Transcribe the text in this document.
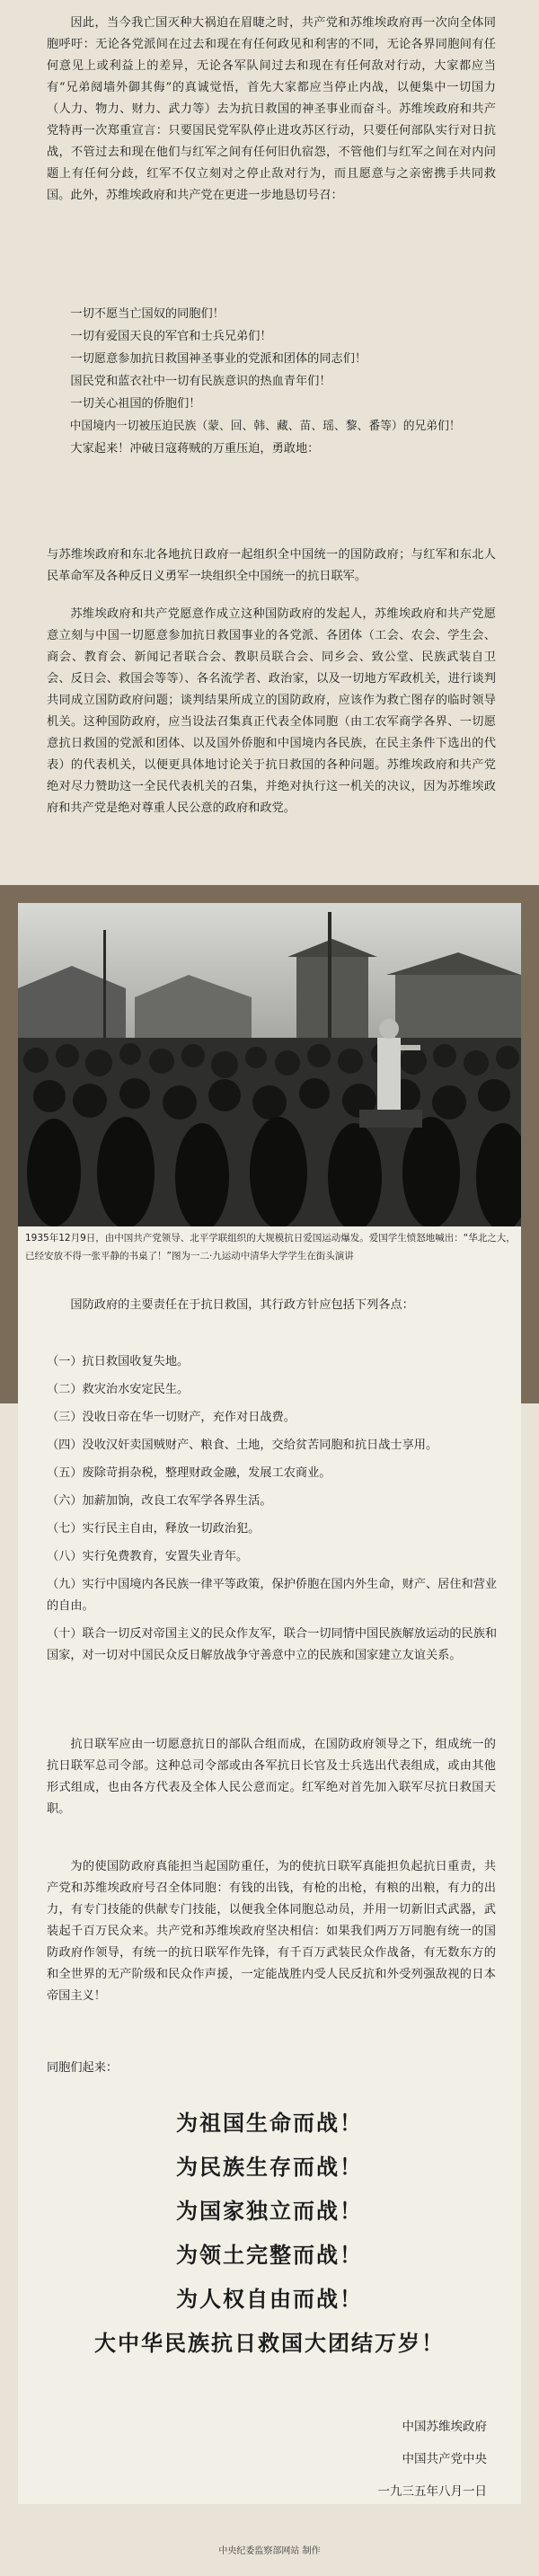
因此，当今我亡国灭种大祸迫在眉睫之时，共产党和苏维埃政府再一次向全体同胞呼吁：无论各党派间在过去和现在有任何政见和利害的不同，无论各界同胞间有任何意见上或利益上的差异，无论各军队间过去和现在有任何敌对行动，大家都应当有“兄弟阋墙外御其侮”的真诚觉悟，首先大家都应当停止内战，以便集中一切国力（人力、物力、财力、武力等）去为抗日救国的神圣事业而奋斗。苏维埃政府和共产党特再一次郑重宣言：只要国民党军队停止进攻苏区行动，只要任何部队实行对日抗战，不管过去和现在他们与红军之间有任何旧仇宿怨，不管他们与红军之间在对内问题上有任何分歧，红军不仅立刻对之停止敌对行为，而且愿意与之亲密携手共同救国。此外，苏维埃政府和共产党在更进一步地恳切号召：

一切不愿当亡国奴的同胞们！
一切有爱国天良的军官和士兵兄弟们！
一切愿意参加抗日救国神圣事业的党派和团体的同志们！
国民党和蓝衣社中一切有民族意识的热血青年们！
一切关心祖国的侨胞们！
中国境内一切被压迫民族（蒙、回、韩、藏、苗、瑶、黎、番等）的兄弟们！
大家起来！冲破日寇蒋贼的万重压迫，勇敢地：

与苏维埃政府和东北各地抗日政府一起组织全中国统一的国防政府；与红军和东北人民革命军及各种反日义勇军一块组织全中国统一的抗日联军。

苏维埃政府和共产党愿意作成立这种国防政府的发起人，苏维埃政府和共产党愿意立刻与中国一切愿意参加抗日救国事业的各党派、各团体（工会、农会、学生会、商会、教育会、新闻记者联合会、教职员联合会、同乡会、致公堂、民族武装自卫会、反日会、救国会等等）、各名流学者、政治家，以及一切地方军政机关，进行谈判共同成立国防政府问题；谈判结果所成立的国防政府，应该作为救亡图存的临时领导机关。这种国防政府，应当设法召集真正代表全体同胞（由工农军商学各界、一切愿意抗日救国的党派和团体、以及国外侨胞和中国境内各民族，在民主条件下选出的代表）的代表机关，以便更具体地讨论关于抗日救国的各种问题。苏维埃政府和共产党绝对尽力赞助这一全民代表机关的召集，并绝对执行这一机关的决议，因为苏维埃政府和共产党是绝对尊重人民公意的政府和政党。

1935年12月9日，由中国共产党领导、北平学联组织的大规模抗日爱国运动爆发。爱国学生愤怒地喊出：“华北之大，已经安放不得一张平静的书桌了！”图为一二·九运动中清华大学学生在街头演讲

国防政府的主要责任在于抗日救国，其行政方针应包括下列各点：

（一）抗日救国收复失地。
（二）救灾治水安定民生。
（三）没收日帝在华一切财产，充作对日战费。
（四）没收汉奸卖国贼财产、粮食、土地，交给贫苦同胞和抗日战士享用。
（五）废除苛捐杂税，整理财政金融，发展工农商业。
（六）加薪加饷，改良工农军学各界生活。
（七）实行民主自由，释放一切政治犯。
（八）实行免费教育，安置失业青年。
（九）实行中国境内各民族一律平等政策，保护侨胞在国内外生命，财产、居住和营业的自由。
（十）联合一切反对帝国主义的民众作友军，联合一切同情中国民族解放运动的民族和国家，对一切对中国民众反日解放战争守善意中立的民族和国家建立友谊关系。

抗日联军应由一切愿意抗日的部队合组而成，在国防政府领导之下，组成统一的抗日联军总司令部。这种总司令部或由各军抗日长官及士兵选出代表组成，或由其他形式组成，也由各方代表及全体人民公意而定。红军绝对首先加入联军尽抗日救国天职。

为的使国防政府真能担当起国防重任，为的使抗日联军真能担负起抗日重责，共产党和苏维埃政府号召全体同胞：有钱的出钱，有枪的出枪，有粮的出粮，有力的出力，有专门技能的供献专门技能，以便我全体同胞总动员，并用一切新旧式武器，武装起千百万民众来。共产党和苏维埃政府坚决相信：如果我们两万万同胞有统一的国防政府作领导，有统一的抗日联军作先锋，有千百万武装民众作战备，有无数东方的和全世界的无产阶级和民众作声援，一定能战胜内受人民反抗和外受列强敌视的日本帝国主义！

同胞们起来：

为祖国生命而战！
为民族生存而战！
为国家独立而战！
为领土完整而战！
为人权自由而战！
大中华民族抗日救国大团结万岁！
中国苏维埃政府
中国共产党中央
一九三五年八月一日
中央纪委监察部网站 制作
